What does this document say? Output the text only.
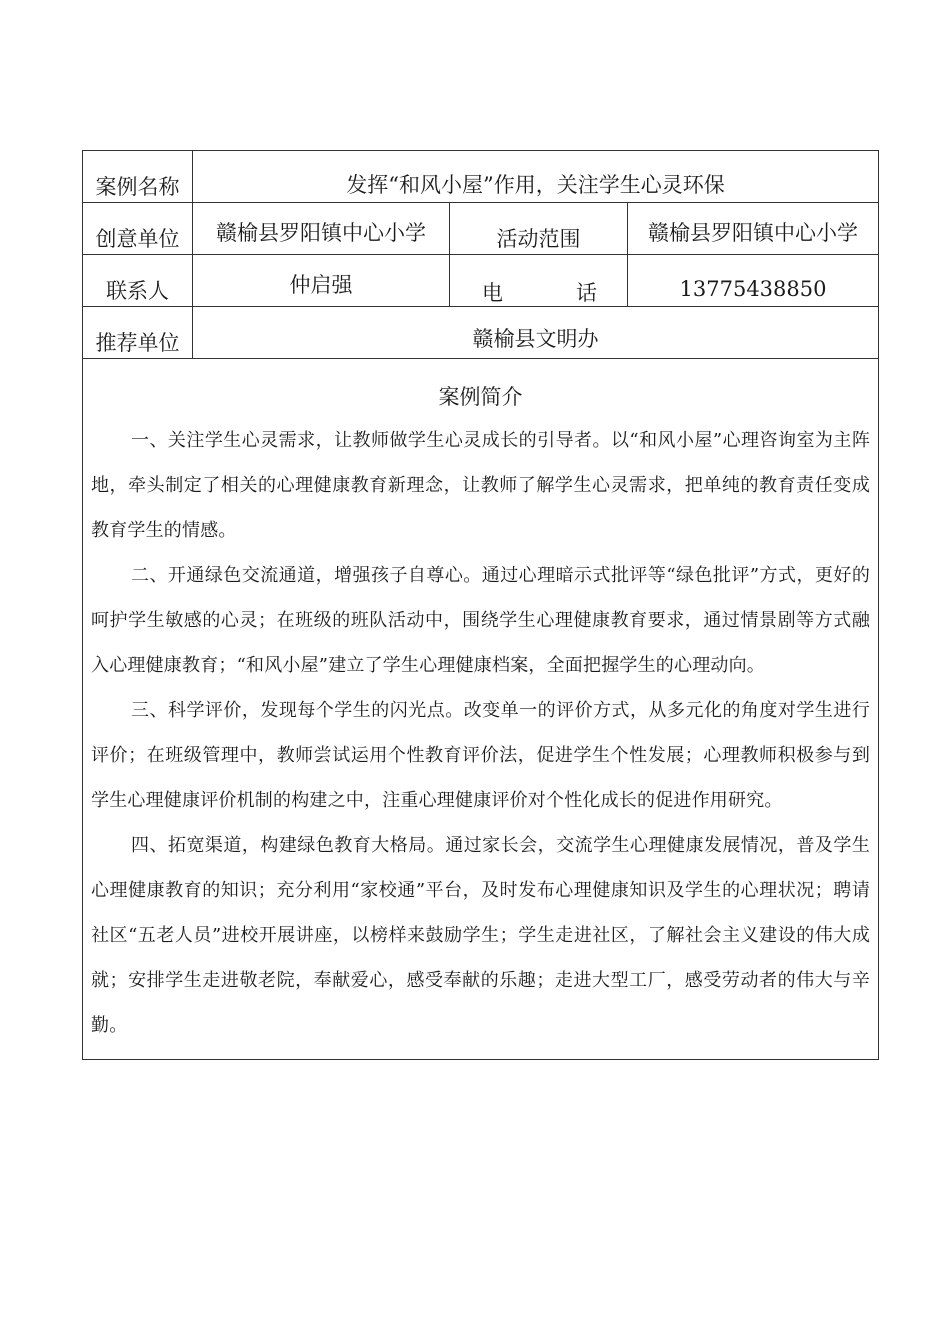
案例名称	发挥“和风小屋”作用，关注学生心灵环保		

创意单位	赣榆县罗阳镇中心小学	活动范围	赣榆县罗阳镇中心小学

联系人	仲启强	电 话	13775438850

推荐单位	赣榆县文明办		

案例简介

一、关注学生心灵需求，让教师做学生心灵成长的引导者。以“和风小屋”心理咨询室为主阵地，牵头制定了相关的心理健康教育新理念，让教师了解学生心灵需求，把单纯的教育责任变成教育学生的情感。

二、开通绿色交流通道，增强孩子自尊心。通过心理暗示式批评等“绿色批评”方式，更好的呵护学生敏感的心灵；在班级的班队活动中，围绕学生心理健康教育要求，通过情景剧等方式融入心理健康教育；“和风小屋”建立了学生心理健康档案，全面把握学生的心理动向。

三、科学评价，发现每个学生的闪光点。改变单一的评价方式，从多元化的角度对学生进行评价；在班级管理中，教师尝试运用个性教育评价法，促进学生个性发展；心理教师积极参与到学生心理健康评价机制的构建之中，注重心理健康评价对个性化成长的促进作用研究。

四、拓宽渠道，构建绿色教育大格局。通过家长会，交流学生心理健康发展情况，普及学生心理健康教育的知识；充分利用“家校通”平台，及时发布心理健康知识及学生的心理状况；聘请社区“五老人员”进校开展讲座，以榜样来鼓励学生；学生走进社区，了解社会主义建设的伟大成就；安排学生走进敬老院，奉献爱心，感受奉献的乐趣；走进大型工厂，感受劳动者的伟大与辛勤。			
